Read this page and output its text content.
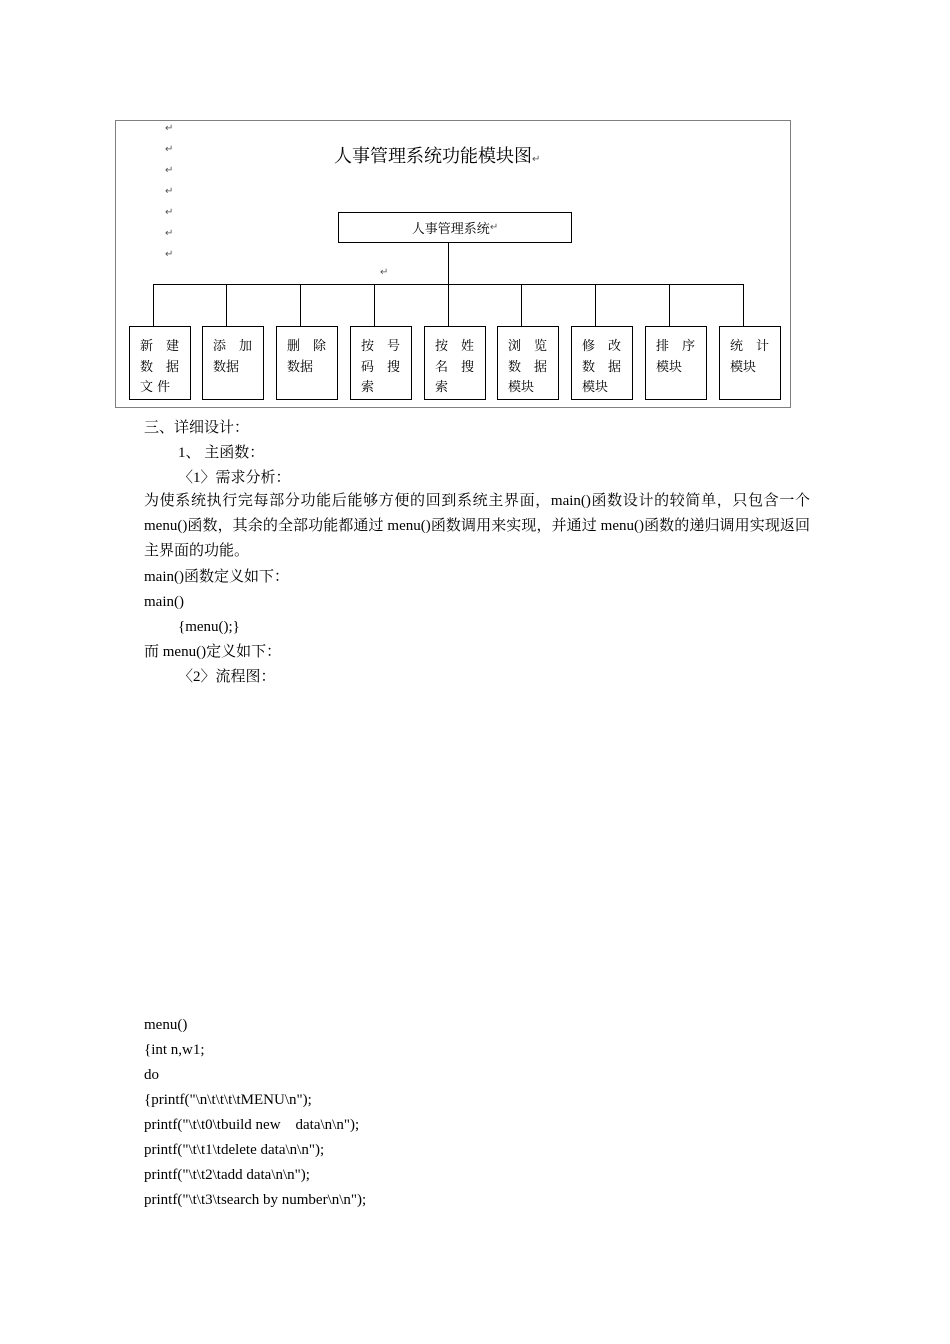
↵
↵
↵
↵
↵
↵
↵
↵
人事管理系统功能模块图↵
人事管理系统 ↵
新　建
数　据
文 件
添　加
数据
删　除
数据
按　号
码　搜
索
按　姓
名　搜
索
浏　览
数　据
模块
修　改
数　据
模块
排　序
模块
统　计
模块
三、详细设计：
1、 主函数：
〈1〉需求分析：
为使系统执行完每部分功能后能够方便的回到系统主界面，main()函数设计的较简单，只包含一个 menu()函数，其余的全部功能都通过 menu()函数调用来实现，并通过 menu()函数的递归调用实现返回主界面的功能。
main()函数定义如下：
main()
{menu();}
而 menu()定义如下：
〈2〉流程图：
menu()
{int n,w1;
do
{printf("\n\t\t\t\tMENU\n");
printf("\t\t0\tbuild new    data\n\n");
printf("\t\t1\tdelete data\n\n");
printf("\t\t2\tadd data\n\n");
printf("\t\t3\tsearch by number\n\n");
